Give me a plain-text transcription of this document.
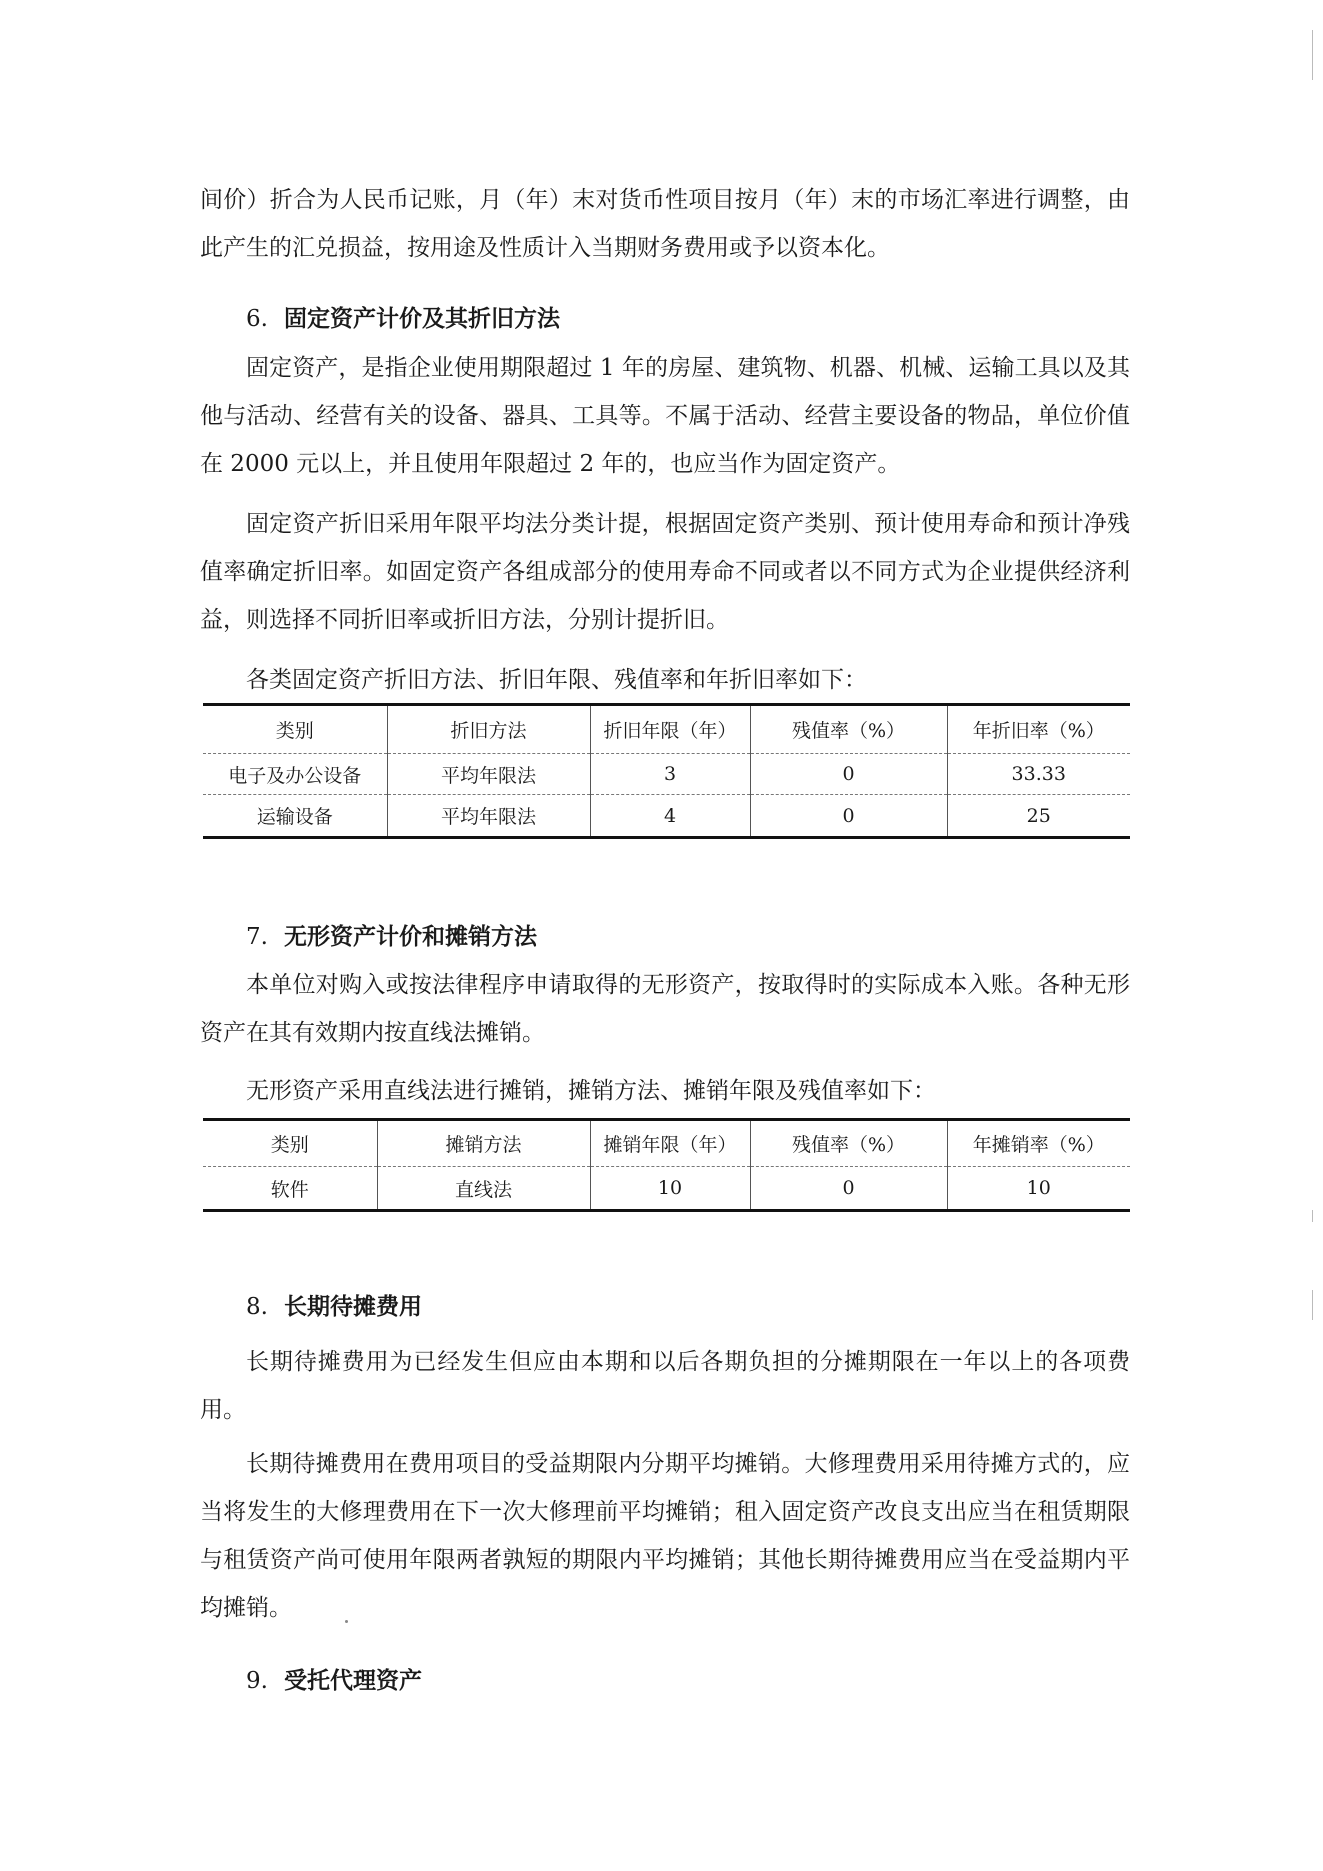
间价）折合为人民币记账，月（年）末对货币性项目按月（年）末的市场汇率进行调整，由此产生的汇兑损益，按用途及性质计入当期财务费用或予以资本化。

6. 固定资产计价及其折旧方法

固定资产，是指企业使用期限超过 1 年的房屋、建筑物、机器、机械、运输工具以及其他与活动、经营有关的设备、器具、工具等。不属于活动、经营主要设备的物品，单位价值在 2000 元以上，并且使用年限超过 2 年的，也应当作为固定资产。

固定资产折旧采用年限平均法分类计提，根据固定资产类别、预计使用寿命和预计净残值率确定折旧率。如固定资产各组成部分的使用寿命不同或者以不同方式为企业提供经济利益，则选择不同折旧率或折旧方法，分别计提折旧。

各类固定资产折旧方法、折旧年限、残值率和年折旧率如下：

类别	折旧方法	折旧年限（年）	残值率（%）	年折旧率（%）
电子及办公设备	平均年限法	3	0	33.33
运输设备	平均年限法	4	0	25
7. 无形资产计价和摊销方法

本单位对购入或按法律程序申请取得的无形资产，按取得时的实际成本入账。各种无形资产在其有效期内按直线法摊销。

无形资产采用直线法进行摊销，摊销方法、摊销年限及残值率如下：

类别	摊销方法	摊销年限（年）	残值率（%）	年摊销率（%）
软件	直线法	10	0	10
8. 长期待摊费用

长期待摊费用为已经发生但应由本期和以后各期负担的分摊期限在一年以上的各项费用。

长期待摊费用在费用项目的受益期限内分期平均摊销。大修理费用采用待摊方式的，应当将发生的大修理费用在下一次大修理前平均摊销；租入固定资产改良支出应当在租赁期限与租赁资产尚可使用年限两者孰短的期限内平均摊销；其他长期待摊费用应当在受益期内平均摊销。

9. 受托代理资产
